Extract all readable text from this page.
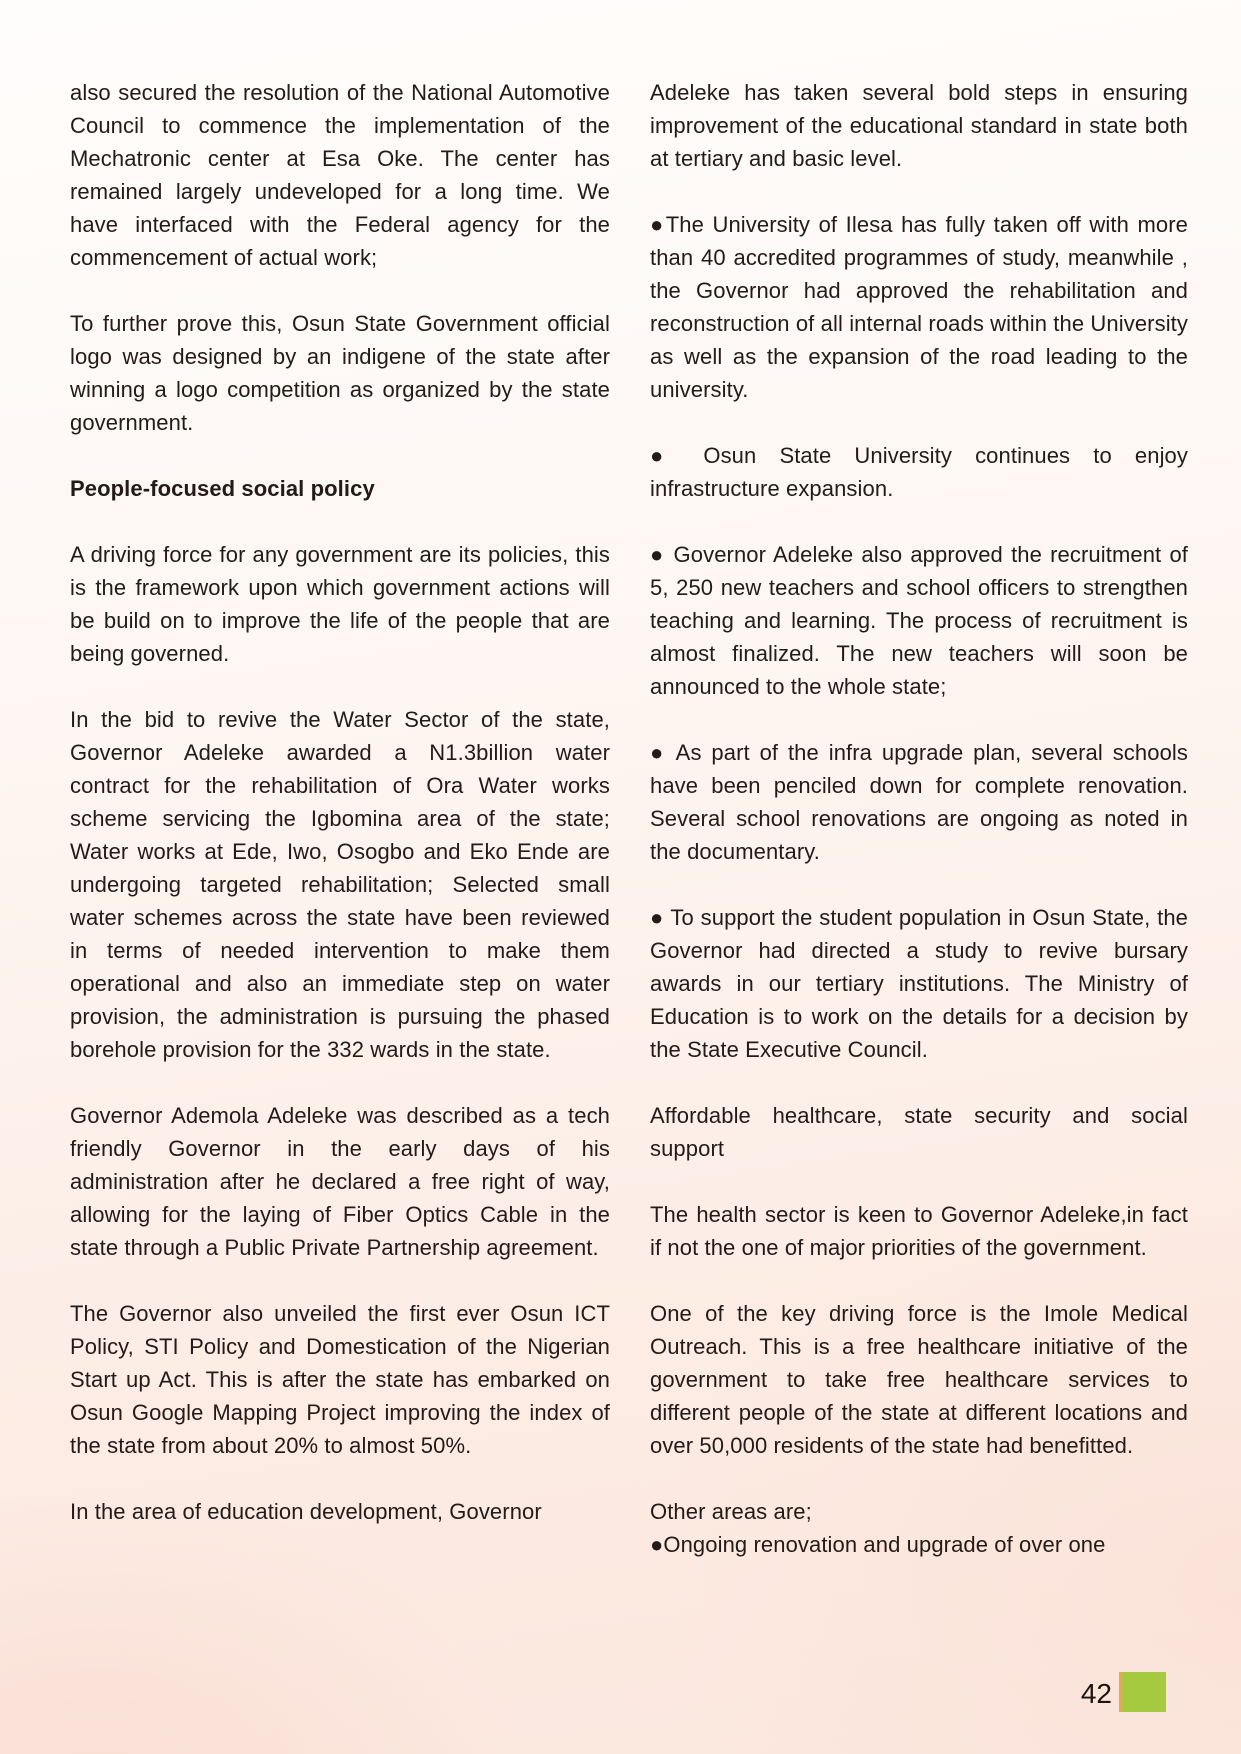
also secured the resolution of the National Automotive Council to commence the implementation of the Mechatronic center at Esa Oke. The center has remained largely undeveloped for a long time. We have interfaced with the Federal agency for the commencement of actual work;

To further prove this, Osun State Government official logo was designed by an indigene of the state after winning a logo competition as organized by the state government.

People-focused social policy

A driving force for any government are its policies, this is the framework upon which government actions will be build on to improve the life of the people that are being governed.

In the bid to revive the Water Sector of the state, Governor Adeleke awarded a N1.3billion water contract for the rehabilitation of Ora Water works scheme servicing the Igbomina area of the state; Water works at Ede, Iwo, Osogbo and Eko Ende are undergoing targeted rehabilitation; Selected small water schemes across the state have been reviewed in terms of needed intervention to make them operational and also an immediate step on water provision, the administration is pursuing the phased borehole provision for the 332 wards in the state.

Governor Ademola Adeleke was described as a tech friendly Governor in the early days of his administration after he declared a free right of way, allowing for the laying of Fiber Optics Cable in the state through a Public Private Partnership agreement.

The Governor also unveiled the first ever Osun ICT Policy, STI Policy and Domestication of the Nigerian Start up Act. This is after the state has embarked on Osun Google Mapping Project improving the index of the state from about 20% to almost 50%.

In the area of education development, Governor

Adeleke has taken several bold steps in ensuring improvement of the educational standard in state both at tertiary and basic level.

●The University of Ilesa has fully taken off with more than 40 accredited programmes of study, meanwhile , the Governor had approved the rehabilitation and reconstruction of all internal roads within the University as well as the expansion of the road leading to the university.

● Osun State University continues to enjoy infrastructure expansion.

● Governor Adeleke also approved the recruitment of 5, 250 new teachers and school officers to strengthen teaching and learning. The process of recruitment is almost finalized. The new teachers will soon be announced to the whole state;

● As part of the infra upgrade plan, several schools have been penciled down for complete renovation. Several school renovations are ongoing as noted in the documentary.

● To support the student population in Osun State, the Governor had directed a study to revive bursary awards in our tertiary institutions. The Ministry of Education is to work on the details for a decision by the State Executive Council.

Affordable healthcare, state security and social support

The health sector is keen to Governor Adeleke,in fact if not the one of major priorities of the government.

One of the key driving force is the Imole Medical Outreach. This is a free healthcare initiative of the government to take free healthcare services to different people of the state at different locations and over 50,000 residents of the state had benefitted.

Other areas are;

●Ongoing renovation and upgrade of over one

42
